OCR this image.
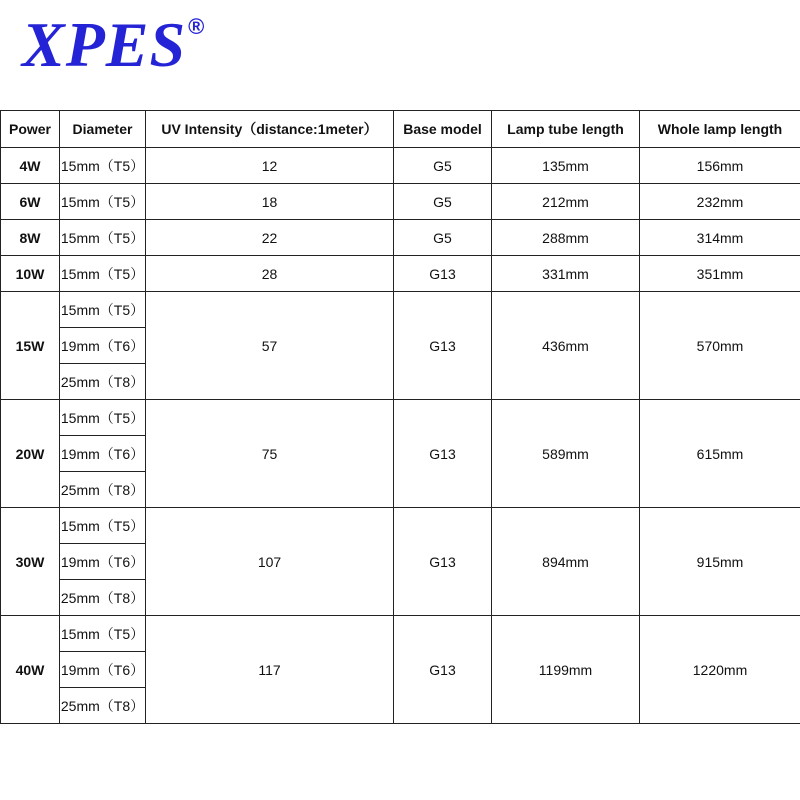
XPES ®
Power	Diameter	UV Intensity（distance:1meter）	Base model	Lamp tube length	Whole lamp length
4W	15mm（T5）	12	G5	135mm	156mm
6W	15mm（T5）	18	G5	212mm	232mm
8W	15mm（T5）	22	G5	288mm	314mm
10W	15mm（T5）	28	G13	331mm	351mm
15W	15mm（T5）	57	G13	436mm	570mm
	19mm（T6）				
	25mm（T8）				
20W	15mm（T5）	75	G13	589mm	615mm
	19mm（T6）				
	25mm（T8）				
30W	15mm（T5）	107	G13	894mm	915mm
	19mm（T6）				
	25mm（T8）				
40W	15mm（T5）	117	G13	1199mm	1220mm
	19mm（T6）				
	25mm（T8）				
